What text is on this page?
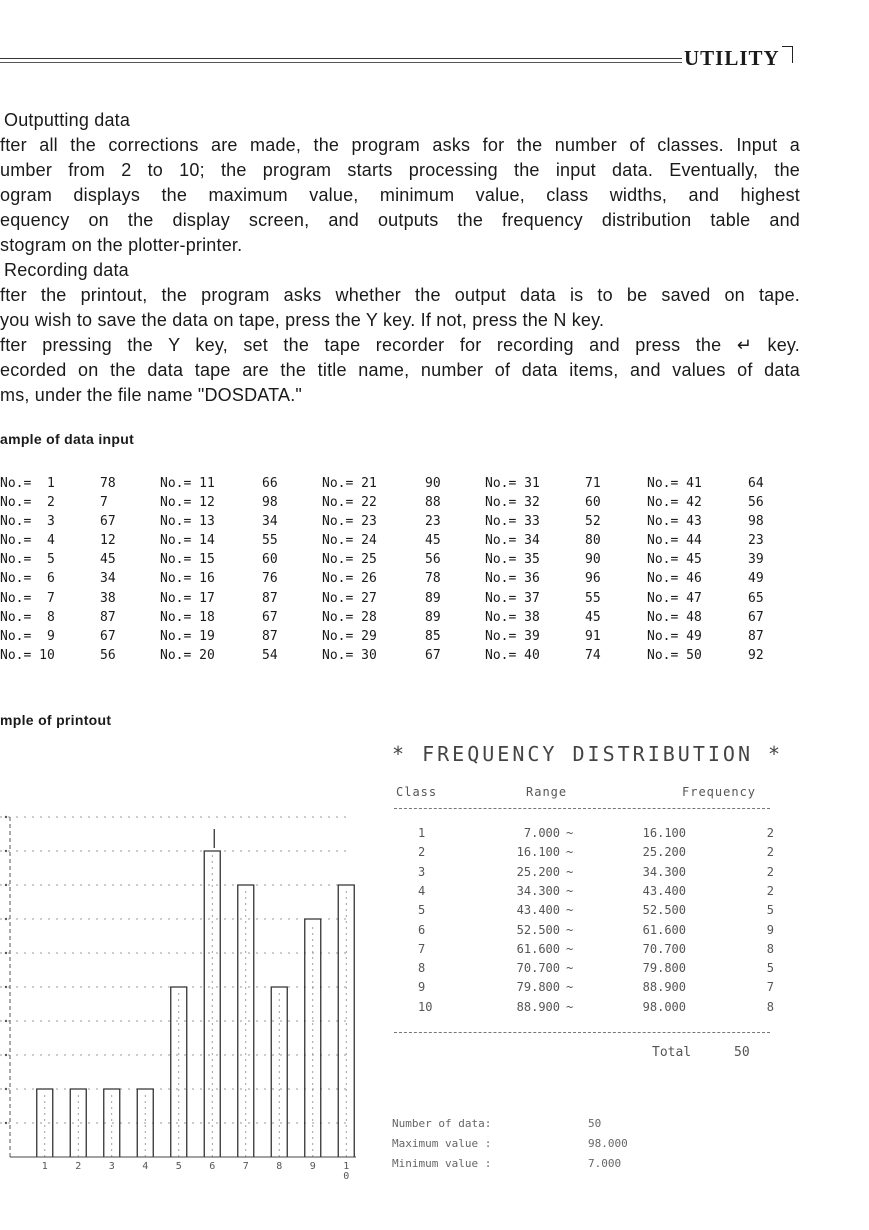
UTILITY
Outputting data
fter all the corrections are made, the program asks for the number of classes. Input a
umber from 2 to 10; the program starts processing the input data. Eventually, the
ogram displays the maximum value, minimum value, class widths, and highest
equency on the display screen, and outputs the frequency distribution table and
stogram on the plotter-printer.
Recording data
fter the printout, the program asks whether the output data is to be saved on tape.
you wish to save the data on tape, press the Y key. If not, press the N key.
fter pressing the Y key, set the tape recorder for recording and press the ↵ key.
ecorded on the data tape are the title name, number of data items, and values of data
ms, under the file name "DOSDATA."
ample of data input
No.=  1	78	No.= 11	66	No.= 21	90	No.= 31	71	No.= 41	64
No.=  2	7	No.= 12	98	No.= 22	88	No.= 32	60	No.= 42	56
No.=  3	67	No.= 13	34	No.= 23	23	No.= 33	52	No.= 43	98
No.=  4	12	No.= 14	55	No.= 24	45	No.= 34	80	No.= 44	23
No.=  5	45	No.= 15	60	No.= 25	56	No.= 35	90	No.= 45	39
No.=  6	34	No.= 16	76	No.= 26	78	No.= 36	96	No.= 46	49
No.=  7	38	No.= 17	87	No.= 27	89	No.= 37	55	No.= 47	65
No.=  8	87	No.= 18	67	No.= 28	89	No.= 38	45	No.= 48	67
No.=  9	67	No.= 19	87	No.= 29	85	No.= 39	91	No.= 49	87
No.= 10	56	No.= 20	54	No.= 30	67	No.= 40	74	No.= 50	92
mple of printout
1	2	3	4	5	6	7	8	9	1
0
* FREQUENCY DISTRIBUTION *
Class	Range	Frequency
1	7.000 ~	16.100	2
2	16.100 ~	25.200	2
3	25.200 ~	34.300	2
4	34.300 ~	43.400	2
5	43.400 ~	52.500	5
6	52.500 ~	61.600	9
7	61.600 ~	70.700	8
8	70.700 ~	79.800	5
9	79.800 ~	88.900	7
10	88.900 ~	98.000	8
Total	50
Number of data:	50
Maximum value :	98.000
Minimum value :	7.000
